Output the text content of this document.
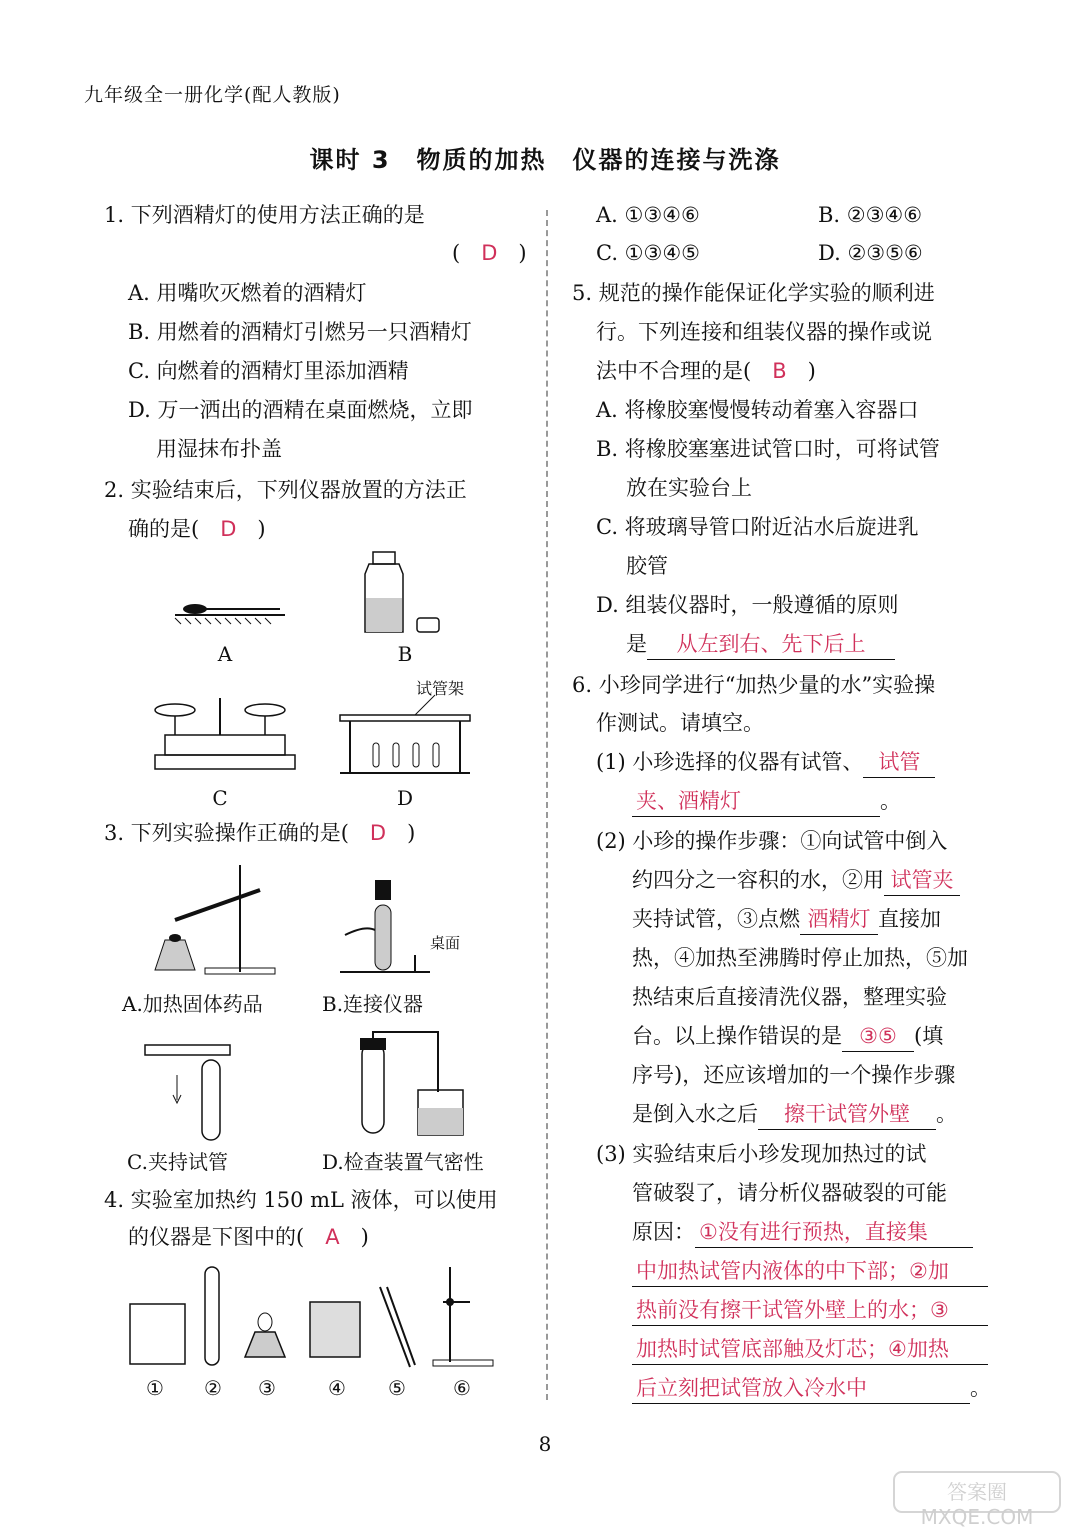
九年级全一册化学(配人教版)
课时 3　物质的加热　仪器的连接与洗涤
1. 下列酒精灯的使用方法正确的是
(　D　)
A. 用嘴吹灭燃着的酒精灯
B. 用燃着的酒精灯引燃另一只酒精灯
C. 向燃着的酒精灯里添加酒精
D. 万一洒出的酒精在桌面燃烧，立即
用湿抹布扑盖
2. 实验结束后，下列仪器放置的方法正
确的是(　 D　)
A	B
C
试管架
D
3. 下列实验操作正确的是(　 D　)
A.加热固体药品
桌面
B.连接仪器
C.夹持试管	D.检查装置气密性
4. 实验室加热约 150 mL 液体，可以使用
的仪器是下图中的(　 A　)
①	②	③	④	⑤	⑥
A. ①③④⑥	B. ②③④⑥
C. ①③④⑤	D. ②③⑤⑥
5. 规范的操作能保证化学实验的顺利进
行。下列连接和组装仪器的操作或说
法中不合理的是(　 B　)
A. 将橡胶塞慢慢转动着塞入容器口
B. 将橡胶塞塞进试管口时，可将试管
放在实验台上
C. 将玻璃导管口附近沾水后旋进乳
胶管
D. 组装仪器时，一般遵循的原则
是 从左到右、先下后上
6. 小珍同学进行“加热少量的水”实验操
作测试。请填空。
(1) 小珍选择的仪器有试管、 试管
夹、酒精灯	。
(2) 小珍的操作步骤：①向试管中倒入
约四分之一容积的水，②用 试管夹
夹持试管，③点燃 酒精灯 直接加
热，④加热至沸腾时停止加热，⑤加
热结束后直接清洗仪器，整理实验
台。以上操作错误的是 ③⑤ (填
序号)，还应该增加的一个操作步骤
是倒入水之后 擦干试管外壁 。
(3) 实验结束后小珍发现加热过的试
管破裂了，请分析仪器破裂的可能
原因： ①没有进行预热，直接集
中加热试管内液体的中下部；②加
热前没有擦干试管外壁上的水；③
加热时试管底部触及灯芯；④加热
后立刻把试管放入冷水中	。
8
答案圈 MXQE.COM
